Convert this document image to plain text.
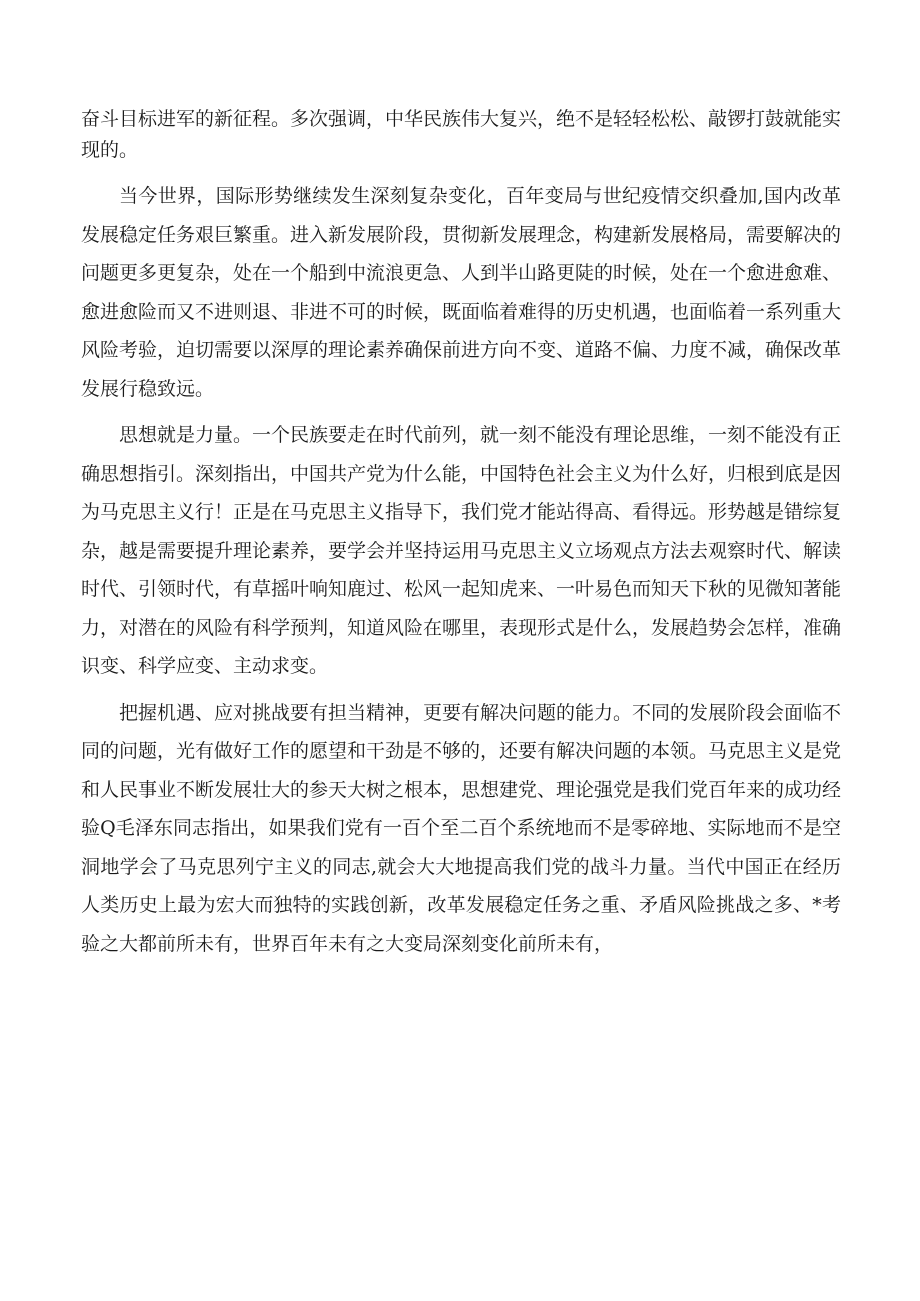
奋斗目标进军的新征程。多次强调，中华民族伟大复兴，绝不是轻轻松松、敲锣打鼓就能实现的。

当今世界，国际形势继续发生深刻复杂变化，百年变局与世纪疫情交织叠加,国内改革发展稳定任务艰巨繁重。进入新发展阶段，贯彻新发展理念，构建新发展格局，需要解决的问题更多更复杂，处在一个船到中流浪更急、人到半山路更陡的时候，处在一个愈进愈难、愈进愈险而又不进则退、非进不可的时候，既面临着难得的历史机遇，也面临着一系列重大风险考验，迫切需要以深厚的理论素养确保前进方向不变、道路不偏、力度不减，确保改革发展行稳致远。

思想就是力量。一个民族要走在时代前列，就一刻不能没有理论思维，一刻不能没有正确思想指引。深刻指出，中国共产党为什么能，中国特色社会主义为什么好，归根到底是因为马克思主义行！正是在马克思主义指导下，我们党才能站得高、看得远。形势越是错综复杂，越是需要提升理论素养，要学会并坚持运用马克思主义立场观点方法去观察时代、解读时代、引领时代，有草摇叶响知鹿过、松风一起知虎来、一叶易色而知天下秋的见微知著能力，对潜在的风险有科学预判，知道风险在哪里，表现形式是什么，发展趋势会怎样，准确识变、科学应变、主动求变。

把握机遇、应对挑战要有担当精神，更要有解决问题的能力。不同的发展阶段会面临不同的问题，光有做好工作的愿望和干劲是不够的，还要有解决问题的本领。马克思主义是党和人民事业不断发展壮大的参天大树之根本，思想建党、理论强党是我们党百年来的成功经验Q毛泽东同志指出，如果我们党有一百个至二百个系统地而不是零碎地、实际地而不是空洞地学会了马克思列宁主义的同志,就会大大地提高我们党的战斗力量。当代中国正在经历人类历史上最为宏大而独特的实践创新，改革发展稳定任务之重、矛盾风险挑战之多、*考验之大都前所未有，世界百年未有之大变局深刻变化前所未有，
